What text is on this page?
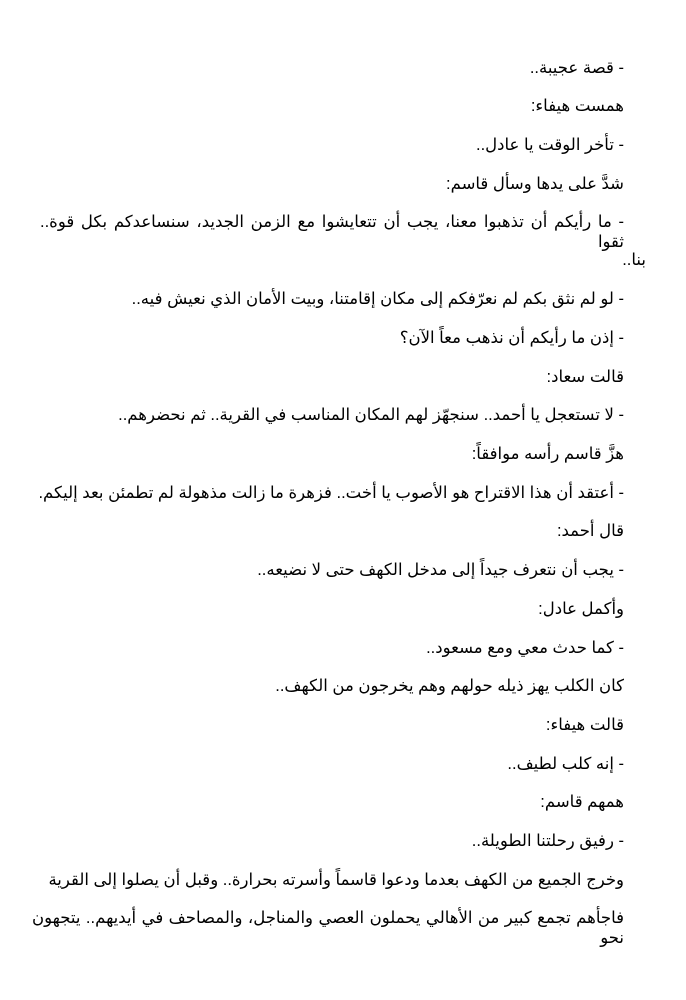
- قصة عجيبة..
همست هيفاء:
- تأخر الوقت يا عادل..
شدَّ على يدها وسأل قاسم:
- ما رأيكم أن تذهبوا معنا، يجب أن تتعايشوا مع الزمن الجديد، سنساعدكم بكل قوة.. ثقوا
بنا..
- لو لم نثق بكم لم نعرّفكم إلى مكان إقامتنا، وبيت الأمان الذي نعيش فيه..
- إذن ما رأيكم أن نذهب معاً الآن؟
قالت سعاد:
- لا تستعجل يا أحمد.. سنجهّز لهم المكان المناسب في القرية.. ثم نحضرهم..
هزَّ قاسم رأسه موافقاً:
- أعتقد أن هذا الاقتراح هو الأصوب يا أخت.. فزهرة ما زالت مذهولة لم تطمئن بعد إليكم.
قال أحمد:
- يجب أن نتعرف جيداً إلى مدخل الكهف حتى لا نضيعه..
وأكمل عادل:
- كما حدث معي ومع مسعود..
كان الكلب يهز ذيله حولهم وهم يخرجون من الكهف..
قالت هيفاء:
- إنه كلب لطيف..
همهم قاسم:
- رفيق رحلتنا الطويلة..
وخرج الجميع من الكهف بعدما ودعوا قاسماً وأسرته بحرارة.. وقبل أن يصلوا إلى القرية
فاجأهم تجمع كبير من الأهالي يحملون العصي والمناجل، والمصاحف في أيديهم.. يتجهون نحو
